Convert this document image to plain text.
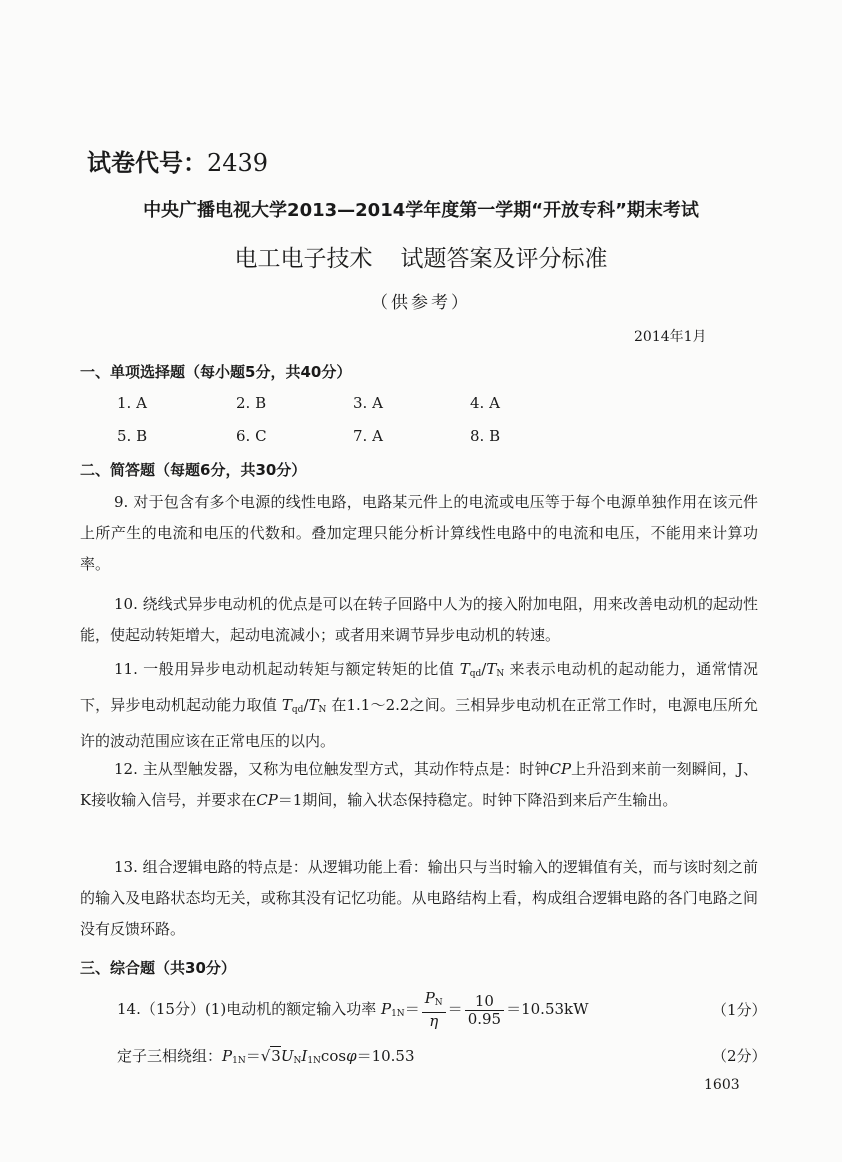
试卷代号：2439
中央广播电视大学2013—2014学年度第一学期“开放专科”期末考试
电工电子技术 试题答案及评分标准
（供参考）
2014年1月
一、单项选择题（每小题5分，共40分）
1. A	2. B	3. A	4. A
5. B	6. C	7. A	8. B
二、简答题（每题6分，共30分）
9. 对于包含有多个电源的线性电路，电路某元件上的电流或电压等于每个电源单独作用在该元件上所产生的电流和电压的代数和。叠加定理只能分析计算线性电路中的电流和电压，不能用来计算功率。
10. 绕线式异步电动机的优点是可以在转子回路中人为的接入附加电阻，用来改善电动机的起动性能，使起动转矩增大，起动电流减小；或者用来调节异步电动机的转速。
11. 一般用异步电动机起动转矩与额定转矩的比值 $T_{qd}/T_N$ 来表示电动机的起动能力，通常情况下，异步电动机起动能力取值 $T_{qd}/T_N$ 在1.1～2.2之间。三相异步电动机在正常工作时，电源电压所允许的波动范围应该在正常电压的以内。
12. 主从型触发器，又称为电位触发型方式，其动作特点是：时钟CP上升沿到来前一刻瞬间，J、K接收输入信号，并要求在CP＝1期间，输入状态保持稳定。时钟下降沿到来后产生输出。
13. 组合逻辑电路的特点是：从逻辑功能上看：输出只与当时输入的逻辑值有关，而与该时刻之前的输入及电路状态均无关，或称其没有记忆功能。从电路结构上看，构成组合逻辑电路的各门电路之间没有反馈环路。
三、综合题（共30分）
14.（15分）(1)电动机的额定输入功率 $P_{1N}= \frac{P_N}{\eta} = \frac{10}{0.95} =10.53kW$	（1分）
定子三相绕组：$P_{1N}=√3U_NI_{1N}\cos\varphi=10.53$	（2分）
1603
